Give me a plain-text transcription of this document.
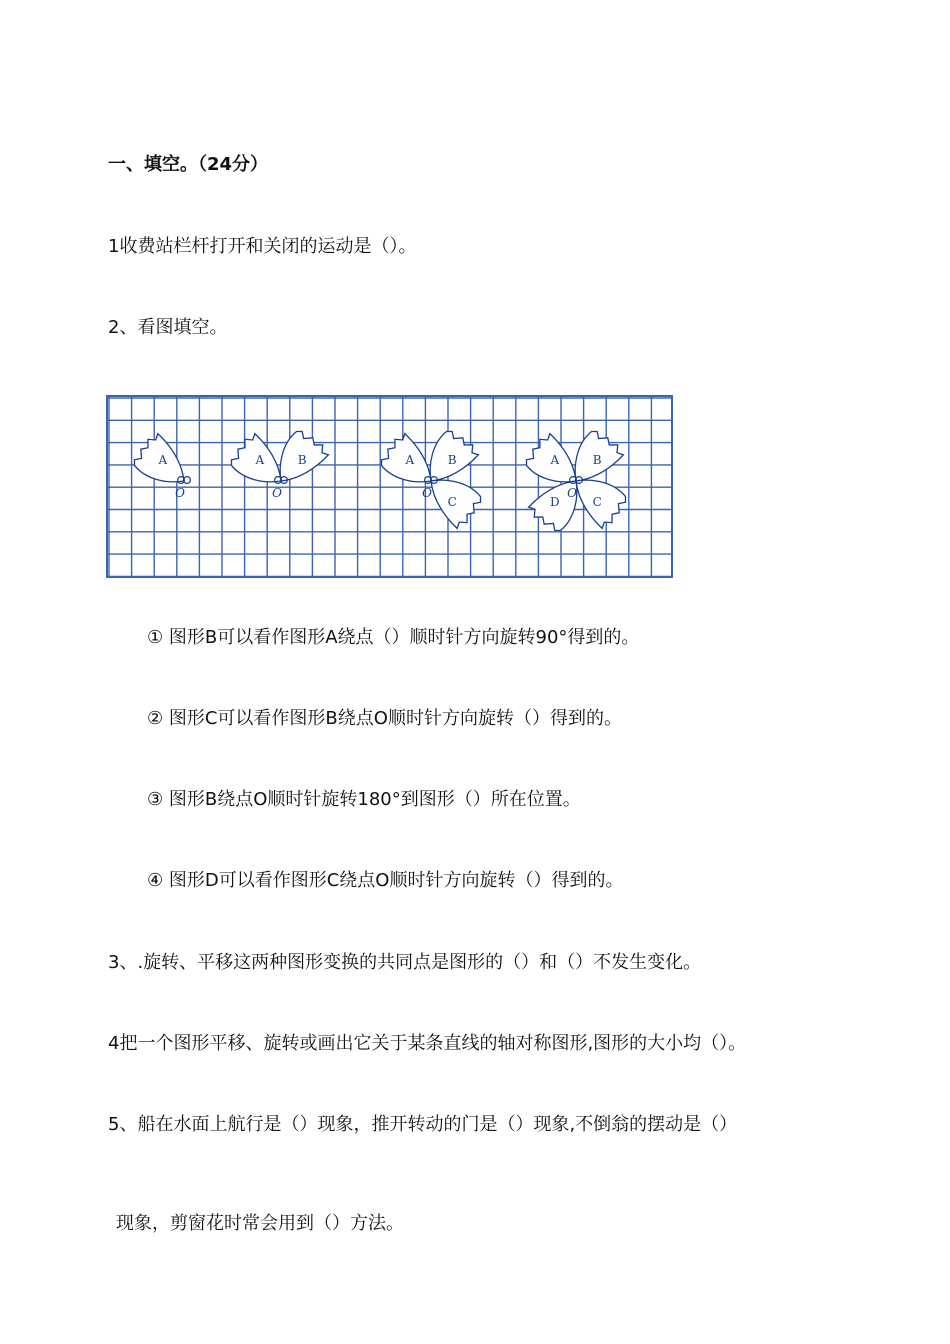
一、填空。（24分）
1收费站栏杆打开和关闭的运动是（）。
2、看图填空。
A
O
A	B
O
A	B
C
O
A	B
C
D
O
① 图形B可以看作图形A绕点（）顺时针方向旋转90°得到的。
② 图形C可以看作图形B绕点O顺时针方向旋转（）得到的。
③ 图形B绕点O顺时针旋转180°到图形（）所在位置。
④ 图形D可以看作图形C绕点O顺时针方向旋转（）得到的。
3、.旋转、平移这两种图形变换的共同点是图形的（）和（）不发生变化。
4把一个图形平移、旋转或画出它关于某条直线的轴对称图形,图形的大小均（）。
5、船在水面上航行是（）现象，推开转动的门是（）现象,不倒翁的摆动是（）
现象，剪窗花时常会用到（）方法。
